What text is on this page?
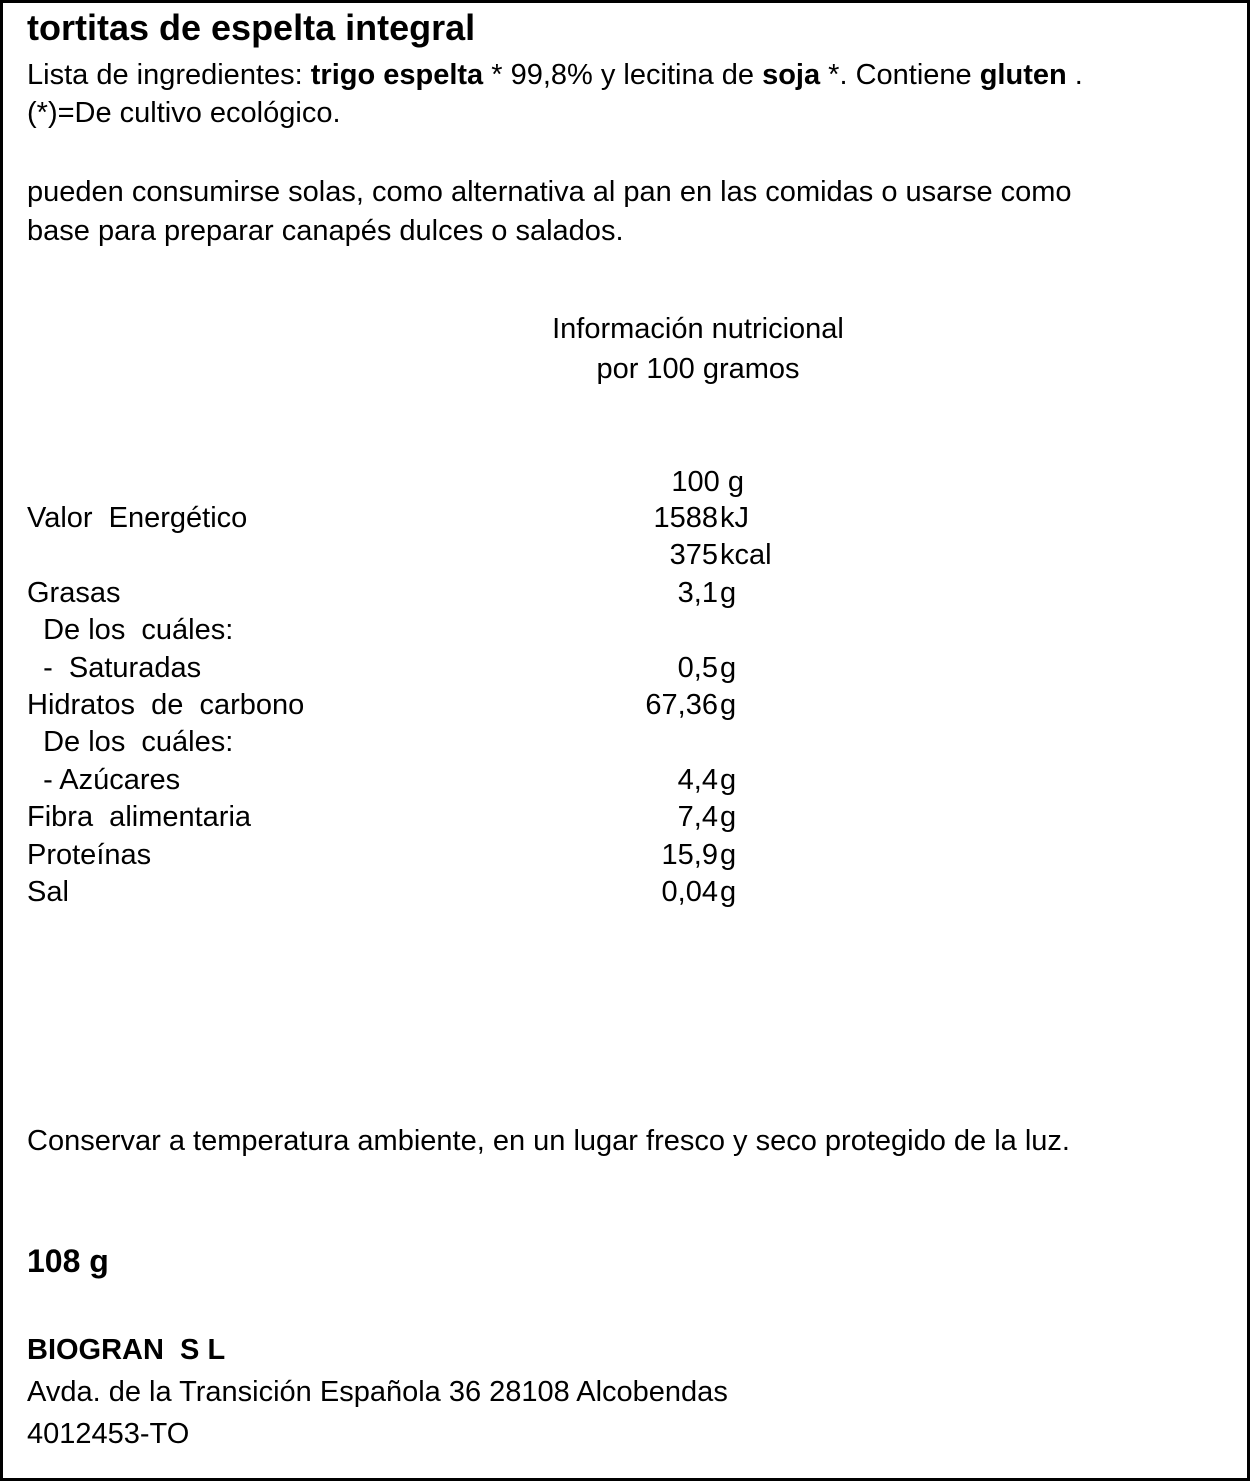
tortitas de espelta integral
Lista de ingredientes: trigo espelta * 99,8% y lecitina de soja *. Contiene gluten .
(*)=De cultivo ecológico.
pueden consumirse solas, como alternativa al pan en las comidas o usarse como
base para preparar canapés dulces o salados.
Información nutricional
por 100 gramos
100 g
Valor  Energético	1588 kJ
375 kcal
Grasas	3,1 g
De los  cuáles:
-  Saturadas	0,5 g
Hidratos  de  carbono	67,36 g
De los  cuáles:
- Azúcares	4,4 g
Fibra  alimentaria	7,4 g
Proteínas	15,9 g
Sal	0,04 g
Conservar a temperatura ambiente, en un lugar fresco y seco protegido de la luz.
108 g
BIOGRAN  S L
Avda. de la Transición Española 36 28108 Alcobendas
4012453-TO
